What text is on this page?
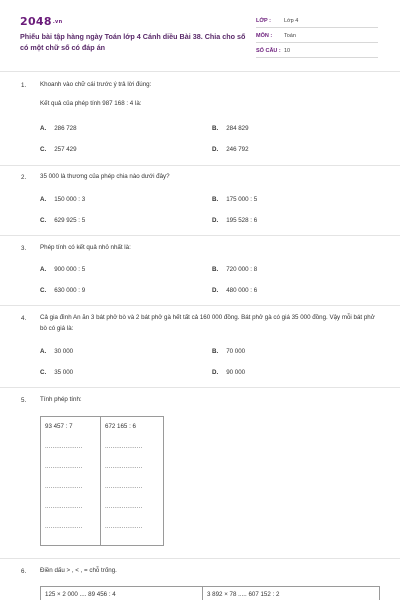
2048.vn
Phiếu bài tập hàng ngày Toán lớp 4 Cánh diều Bài 38. Chia cho số có một chữ số có đáp án
LỚP : Lớp 4
MÔN : Toán
SỐ CÂU : 10
1. Khoanh vào chữ cái trước ý trả lời đúng:
Kết quả của phép tính 987 168 : 4 là:
A. 286 728	B. 284 829
C. 257 429	D. 246 792
2. 35 000 là thương của phép chia nào dưới đây?
A. 150 000 : 3	B. 175 000 : 5
C. 629 925 : 5	D. 195 528 : 6
3. Phép tính có kết quả nhỏ nhất là:
A. 900 000 : 5	B. 720 000 : 8
C. 630 000 : 9	D. 480 000 : 6
4. Cả gia đình An ăn 3 bát phở bò và 2 bát phở gà hết tất cả 160 000 đồng. Bát phở gà có giá 35 000 đồng. Vậy mỗi bát phở bò có giá là:
A. 30 000	B. 70 000
C. 35 000	D. 90 000
5. Tính phép tính:
93 457 : 7	672 165 : 6
....................	....................
....................	....................
....................	....................
....................	....................
....................	....................
6. Điền dấu > , < , = chỗ trống.
125 × 2 000 .... 89 456 : 4	3 892 × 78 ..... 607 152 : 2
